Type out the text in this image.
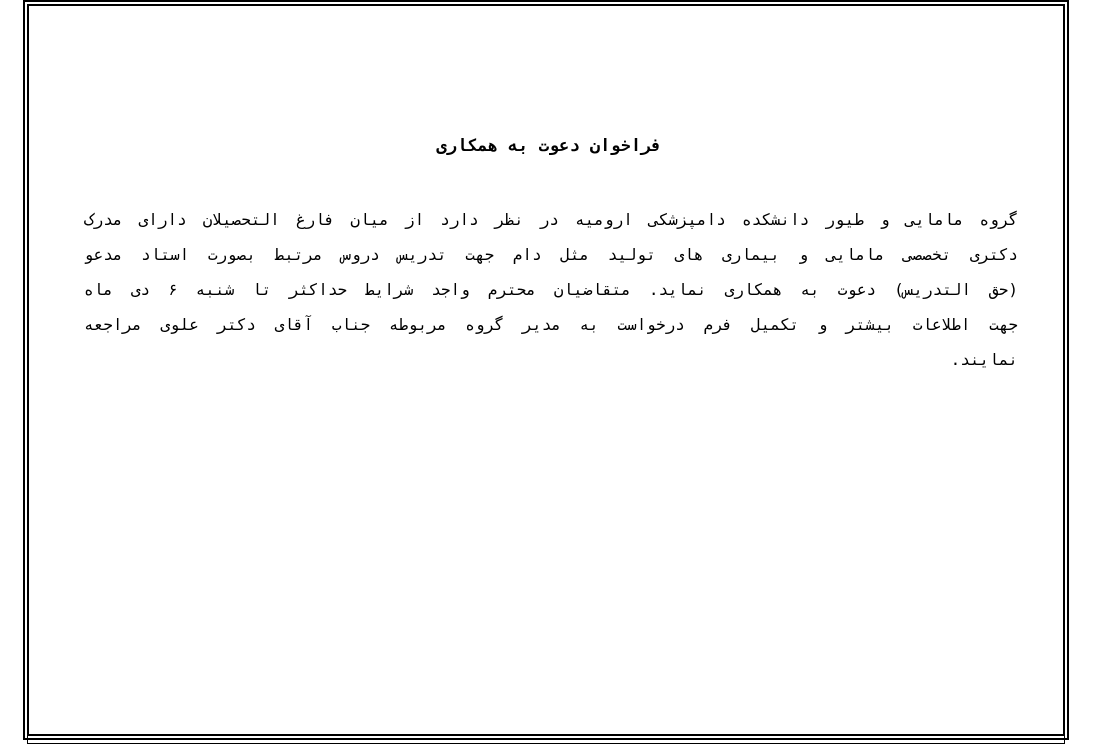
فراخوان دعوت به همکاری
گروه مامایی و طیور دانشکده دامپزشکی ارومیه در نظر دارد از میان فارغ التحصیلان دارای مدرک دکتری تخصصی مامایی و بیماری های تولید مثل دام جهت تدریس دروس مرتبط بصورت استاد مدعو (حق التدریس) دعوت به همکاری نماید. متقاضیان محترم واجد شرایط حداکثر تا شنبه ۶ دی ماه جهت اطلاعات بیشتر و تکمیل فرم درخواست به مدیر گروه مربوطه جناب آقای دکتر علوی مراجعه نمایند.
